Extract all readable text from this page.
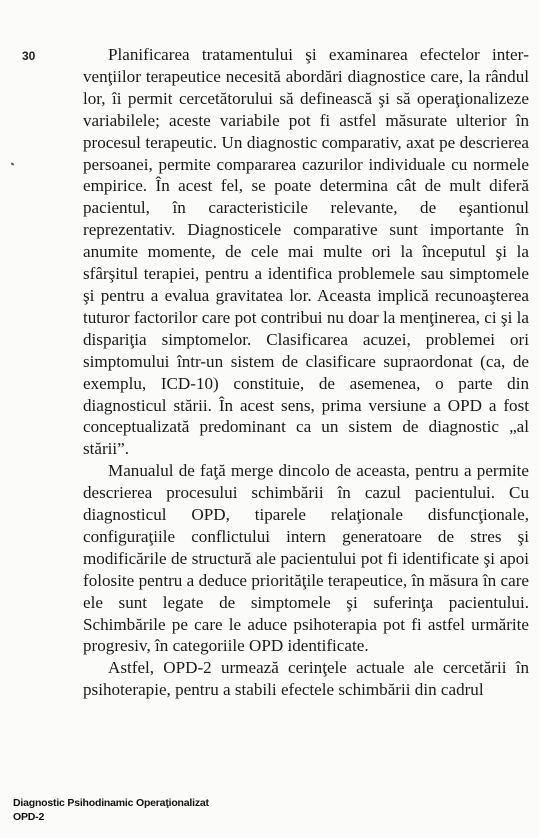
30	Planificarea tratamentului şi examinarea efectelor intervenţiilor terapeutice necesită abordări diagnostice care, la rândul lor, îi permit cercetătorului să definească şi să operaţionalizeze variabilele; aceste variabile pot fi astfel măsurate ulterior în procesul terapeutic. Un diagnostic comparativ, axat pe descrierea persoanei, permite compararea cazurilor individuale cu normele empirice. În acest fel, se poate determina cât de mult diferă pacientul, în caracteristicile relevante, de eşantionul reprezentativ. Diagnosticele comparative sunt importante în anumite momente, de cele mai multe ori la începutul şi la sfârşitul terapiei, pentru a identifica problemele sau simptomele şi pentru a evalua gravitatea lor. Aceasta implică recunoaşterea tuturor factorilor care pot contribui nu doar la menţinerea, ci şi la dispariţia simptomelor. Clasificarea acuzei, problemei ori simptomului într-un sistem de clasificare supraordonat (ca, de exemplu, ICD-10) constituie, de asemenea, o parte din diagnosticul stării. În acest sens, prima versiune a OPD a fost conceptualizată predominant ca un sistem de diagnostic „al stării”.

Manualul de faţă merge dincolo de aceasta, pentru a permite descrierea procesului schimbării în cazul pacientului. Cu diagnosticul OPD, tiparele relaţionale disfuncţionale, configuraţiile conflictului intern generatoare de stres şi modificările de structură ale pacientului pot fi identificate şi apoi folosite pentru a deduce priorităţile terapeutice, în măsura în care ele sunt legate de simptomele şi suferinţa pacientului. Schimbările pe care le aduce psihoterapia pot fi astfel urmărite progresiv, în categoriile OPD identificate.

Astfel, OPD-2 urmează cerinţele actuale ale cercetării în psihoterapie, pentru a stabili efectele schimbării din cadrul

Diagnostic Psihodinamic Operaţionalizat
OPD-2
